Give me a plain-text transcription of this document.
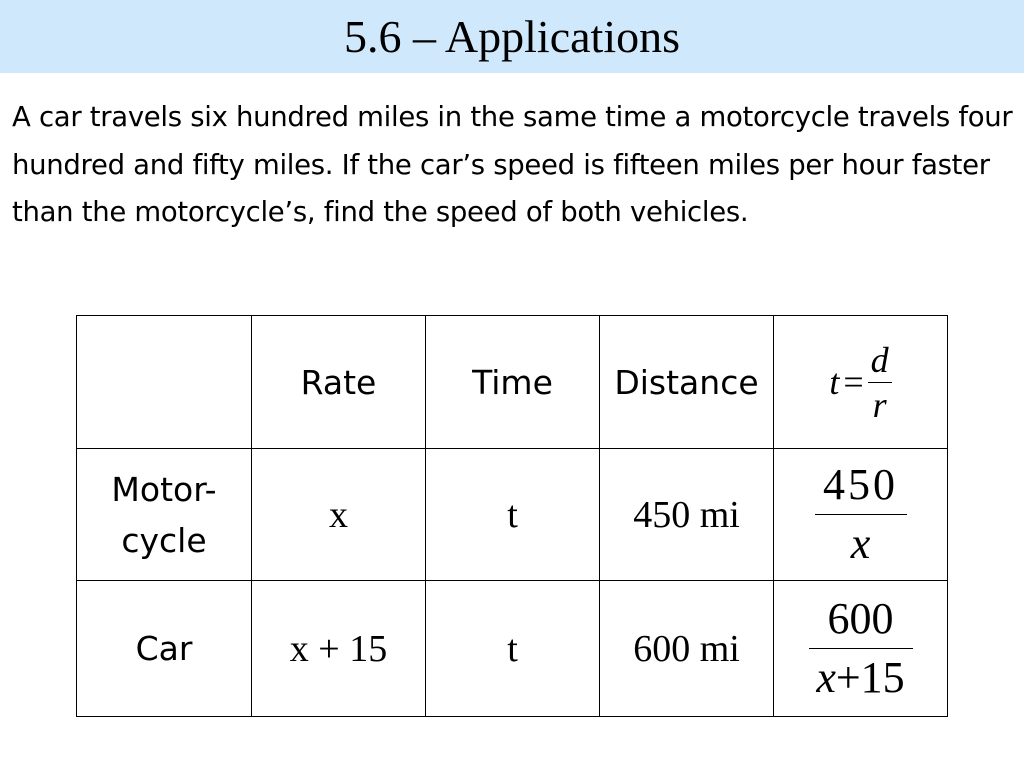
5.6 – Applications
A car travels six hundred miles in the same time a motorcycle travels four hundred and fifty miles. If the car’s speed is fifteen miles per hour faster than the motorcycle’s, find the speed of both vehicles.
	Rate	Time	Distance	$t = \frac{d}{r}$

Motor-
cycle	x	t	450 mi	$\frac{450}{x}$

Car	x + 15	t	600 mi	$\frac{600}{x+15}$
